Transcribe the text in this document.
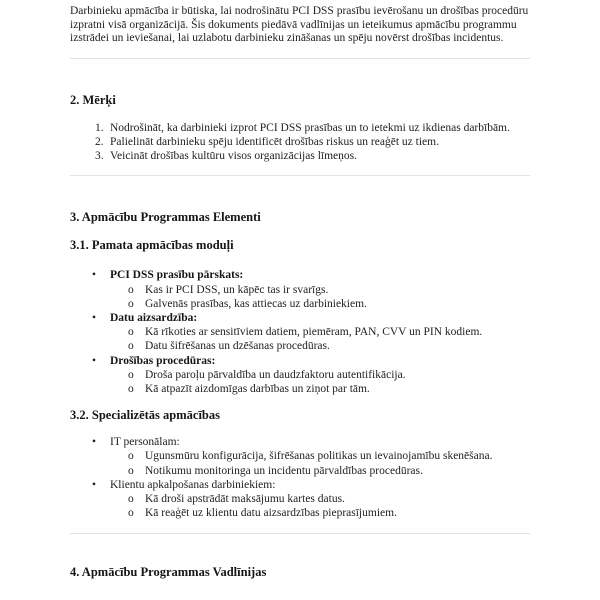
Darbinieku apmācība ir būtiska, lai nodrošinātu PCI DSS prasību ievērošanu un drošības procedūru izpratni visā organizācijā. Šis dokuments piedāvā vadlīnijas un ieteikumus apmācību programmu izstrādei un ieviešanai, lai uzlabotu darbinieku zināšanas un spēju novērst drošības incidentus.

2. Mērķi
1. Nodrošināt, ka darbinieki izprot PCI DSS prasības un to ietekmi uz ikdienas darbībām.
2. Palielināt darbinieku spēju identificēt drošības riskus un reaģēt uz tiem.
3. Veicināt drošības kultūru visos organizācijas līmeņos.
3. Apmācību Programmas Elementi
3.1. Pamata apmācības moduļi
•	PCI DSS prasību pārskats:
o Kas ir PCI DSS, un kāpēc tas ir svarīgs.
o Galvenās prasības, kas attiecas uz darbiniekiem.
•	Datu aizsardzība:
o Kā rīkoties ar sensitīviem datiem, piemēram, PAN, CVV un PIN kodiem.
o Datu šifrēšanas un dzēšanas procedūras.
•	Drošības procedūras:
o Droša paroļu pārvaldība un daudzfaktoru autentifikācija.
o Kā atpazīt aizdomīgas darbības un ziņot par tām.
3.2. Specializētās apmācības
•	IT personālam:
o Ugunsmūru konfigurācija, šifrēšanas politikas un ievainojamību skenēšana.
o Notikumu monitoringa un incidentu pārvaldības procedūras.
•	Klientu apkalpošanas darbiniekiem:
o Kā droši apstrādāt maksājumu kartes datus.
o Kā reaģēt uz klientu datu aizsardzības pieprasījumiem.
4. Apmācību Programmas Vadlīnijas
